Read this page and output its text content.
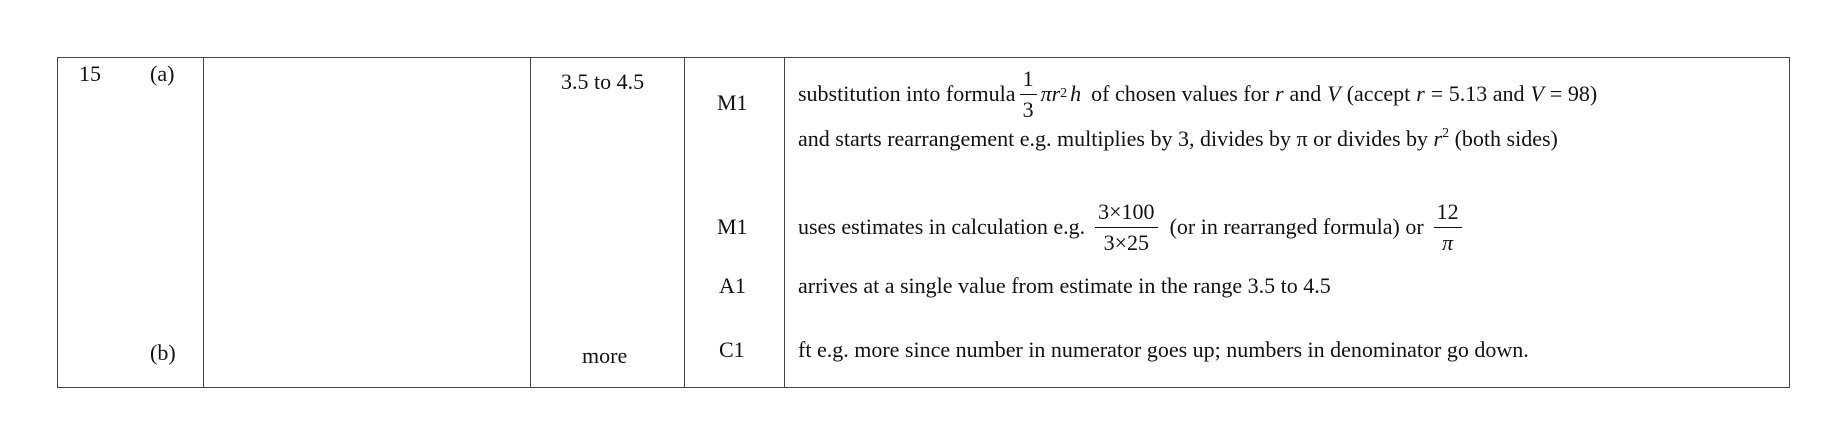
15 (a)
(b)
3.5 to 4.5
more
M1
M1
A1
C1
substitution into formula $\frac{1}{3}$ π r 2 h of chosen values for r and V (accept r = 5.13 and V = 98)
and starts rearrangement e.g. multiplies by 3, divides by π or divides by $r^2$ (both sides)
uses estimates in calculation e.g. $\frac{3\times 100}{3\times 25} (or$ in rearranged formula) or $\frac{12}{\pi}$
arrives at a single value from estimate in the range 3.5 to 4.5
ft e.g. more since number in numerator goes up; numbers in denominator go down.
